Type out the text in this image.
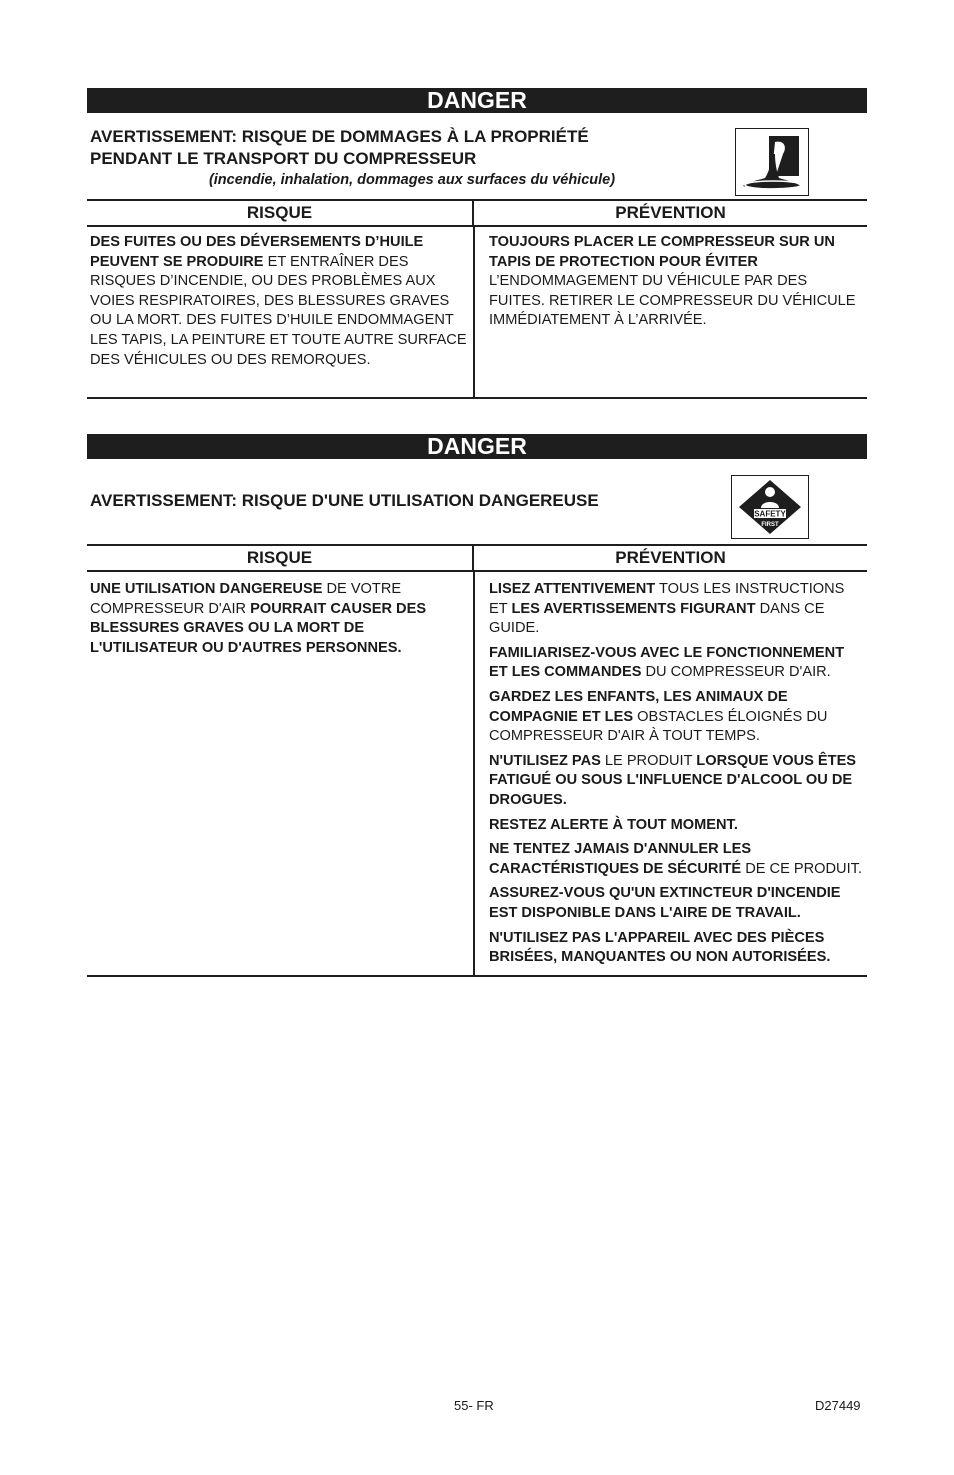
DANGER
AVERTISSEMENT: RISQUE DE DOMMAGES À LA PROPRIÉTÉ
PENDANT LE TRANSPORT DU COMPRESSEUR
(incendie, inhalation, dommages aux surfaces du véhicule)
RISQUE	PRÉVENTION
DES FUITES OU DES DÉVERSEMENTS D’HUILE PEUVENT SE PRODUIRE ET ENTRAÎNER DES RISQUES D’INCENDIE, OU DES PROBLÈMES AUX VOIES RESPIRATOIRES, DES BLESSURES GRAVES OU LA MORT. DES FUITES D’HUILE ENDOMMAGENT LES TAPIS, LA PEINTURE ET TOUTE AUTRE SURFACE DES VÉHICULES OU DES REMORQUES.
TOUJOURS PLACER LE COMPRESSEUR SUR UN TAPIS DE PROTECTION POUR ÉVITER L’ENDOMMAGEMENT DU VÉHICULE PAR DES FUITES. RETIRER LE COMPRESSEUR DU VÉHICULE IMMÉDIATEMENT À L’ARRIVÉE.
DANGER
AVERTISSEMENT: RISQUE D'UNE UTILISATION DANGEREUSE
SAFETY
FIRST
RISQUE	PRÉVENTION
UNE UTILISATION DANGEREUSE DE VOTRE COMPRESSEUR D'AIR POURRAIT CAUSER DES BLESSURES GRAVES OU LA MORT DE L'UTILISATEUR OU D'AUTRES PERSONNES.
LISEZ ATTENTIVEMENT TOUS LES INSTRUCTIONS ET LES AVERTISSEMENTS FIGURANT DANS CE GUIDE.
FAMILIARISEZ-VOUS AVEC LE FONCTIONNEMENT ET LES COMMANDES DU COMPRESSEUR D'AIR.
GARDEZ LES ENFANTS, LES ANIMAUX DE COMPAGNIE ET LES OBSTACLES ÉLOIGNÉS DU COMPRESSEUR D'AIR À TOUT TEMPS.
N'UTILISEZ PAS LE PRODUIT LORSQUE VOUS ÊTES FATIGUÉ OU SOUS L'INFLUENCE D'ALCOOL OU DE DROGUES.
RESTEZ ALERTE À TOUT MOMENT.
NE TENTEZ JAMAIS D'ANNULER LES CARACTÉRISTIQUES DE SÉCURITÉ DE CE PRODUIT.
ASSUREZ-VOUS QU'UN EXTINCTEUR D'INCENDIE EST DISPONIBLE DANS L'AIRE DE TRAVAIL.
N'UTILISEZ PAS L'APPAREIL AVEC DES PIÈCES BRISÉES, MANQUANTES OU NON AUTORISÉES.
55- FR	D27449
